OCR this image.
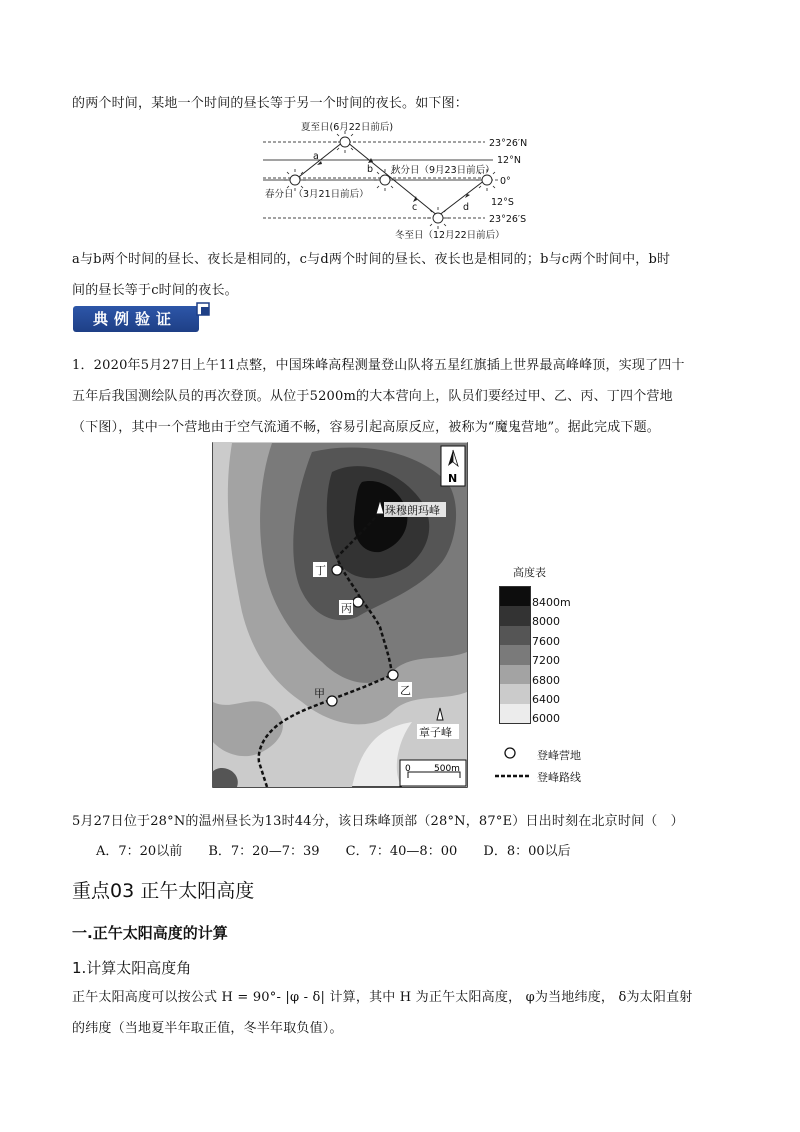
的两个时间，某地一个时间的昼长等于另一个时间的夜长。如下图：

夏至日(6月22日前后)
秋分日（9月23日前后）
春分日（3月21日前后）
冬至日（12月22日前后）
23°26′N
12°N
0°
12°S
23°26′S
a
b
c	d

a与b两个时间的昼长、夜长是相同的，c与d两个时间的昼长、夜长也是相同的；b与c两个时间中，b时
间的昼长等于c时间的夜长。

典例验证

1．2020年5月27日上午11点整，中国珠峰高程测量登山队将五星红旗插上世界最高峰峰顶，实现了四十
五年后我国测绘队员的再次登顶。从位于5200m的大本营向上，队员们要经过甲、乙、丙、丁四个营地
（下图），其中一个营地由于空气流通不畅，容易引起高原反应，被称为“魔鬼营地”。据此完成下题。

珠穆朗玛峰
丁
丙
乙
甲
章子峰
N
0	500m
高度表
8400m
8000
7600
7200
6800
6400
6000
登峰营地
登峰路线

5月27日位于28°N的温州昼长为13时44分，该日珠峰顶部（28°N，87°E）日出时刻在北京时间（　）

A．7：20以前 B．7：20—7：39 C．7：40—8：00 D．8：00以后
重点03 正午太阳高度
一.正午太阳高度的计算
1.计算太阳高度角

正午太阳高度可以按公式 H = 90°- |φ - δ| 计算，其中 H 为正午太阳高度， φ为当地纬度， δ为太阳直射
的纬度（当地夏半年取正值，冬半年取负值）。
